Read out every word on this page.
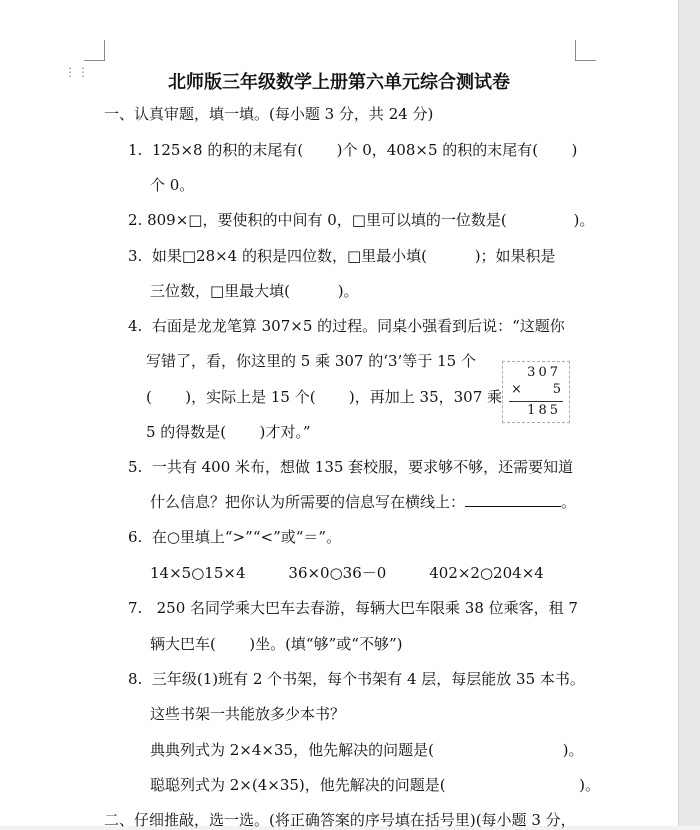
⋮⋮	北师版三年级数学上册第六单元综合测试卷
一、认真审题，填一填。(每小题 3 分，共 24 分)
1.  125×8 的积的末尾有(       )个 0，408×5 的积的末尾有(       )
个 0。
2. 809×□，要使积的中间有 0，□里可以填的一位数是(              )。
3.  如果□28×4 的积是四位数，□里最小填(          )；如果积是
三位数，□里最大填(          )。
4.  右面是龙龙笔算 307×5 的过程。同桌小强看到后说：“这题你
写错了，看，你这里的 5 乘 307 的‘3’等于 15 个
(       )，实际上是 15 个(       )，再加上 35，307 乘
5 的得数是(       )才对。”
307
× 5
185
5.  一共有 400 米布，想做 135 套校服，要求够不够，还需要知道
什么信息？把你认为所需要的信息写在横线上：	。
6.  在○里填上“>”“<”或“＝”。
14×5○15×4         36×0○36－0         402×2○204×4
7.   250 名同学乘大巴车去春游，每辆大巴车限乘 38 位乘客，租 7
辆大巴车(       )坐。(填“够”或“不够”)
8.  三年级(1)班有 2 个书架，每个书架有 4 层，每层能放 35 本书。
这些书架一共能放多少本书？
典典列式为 2×4×35，他先解决的问题是(                           )。
聪聪列式为 2×(4×35)，他先解决的问题是(                            )。
二、仔细推敲，选一选。(将正确答案的序号填在括号里)(每小题 3 分，
